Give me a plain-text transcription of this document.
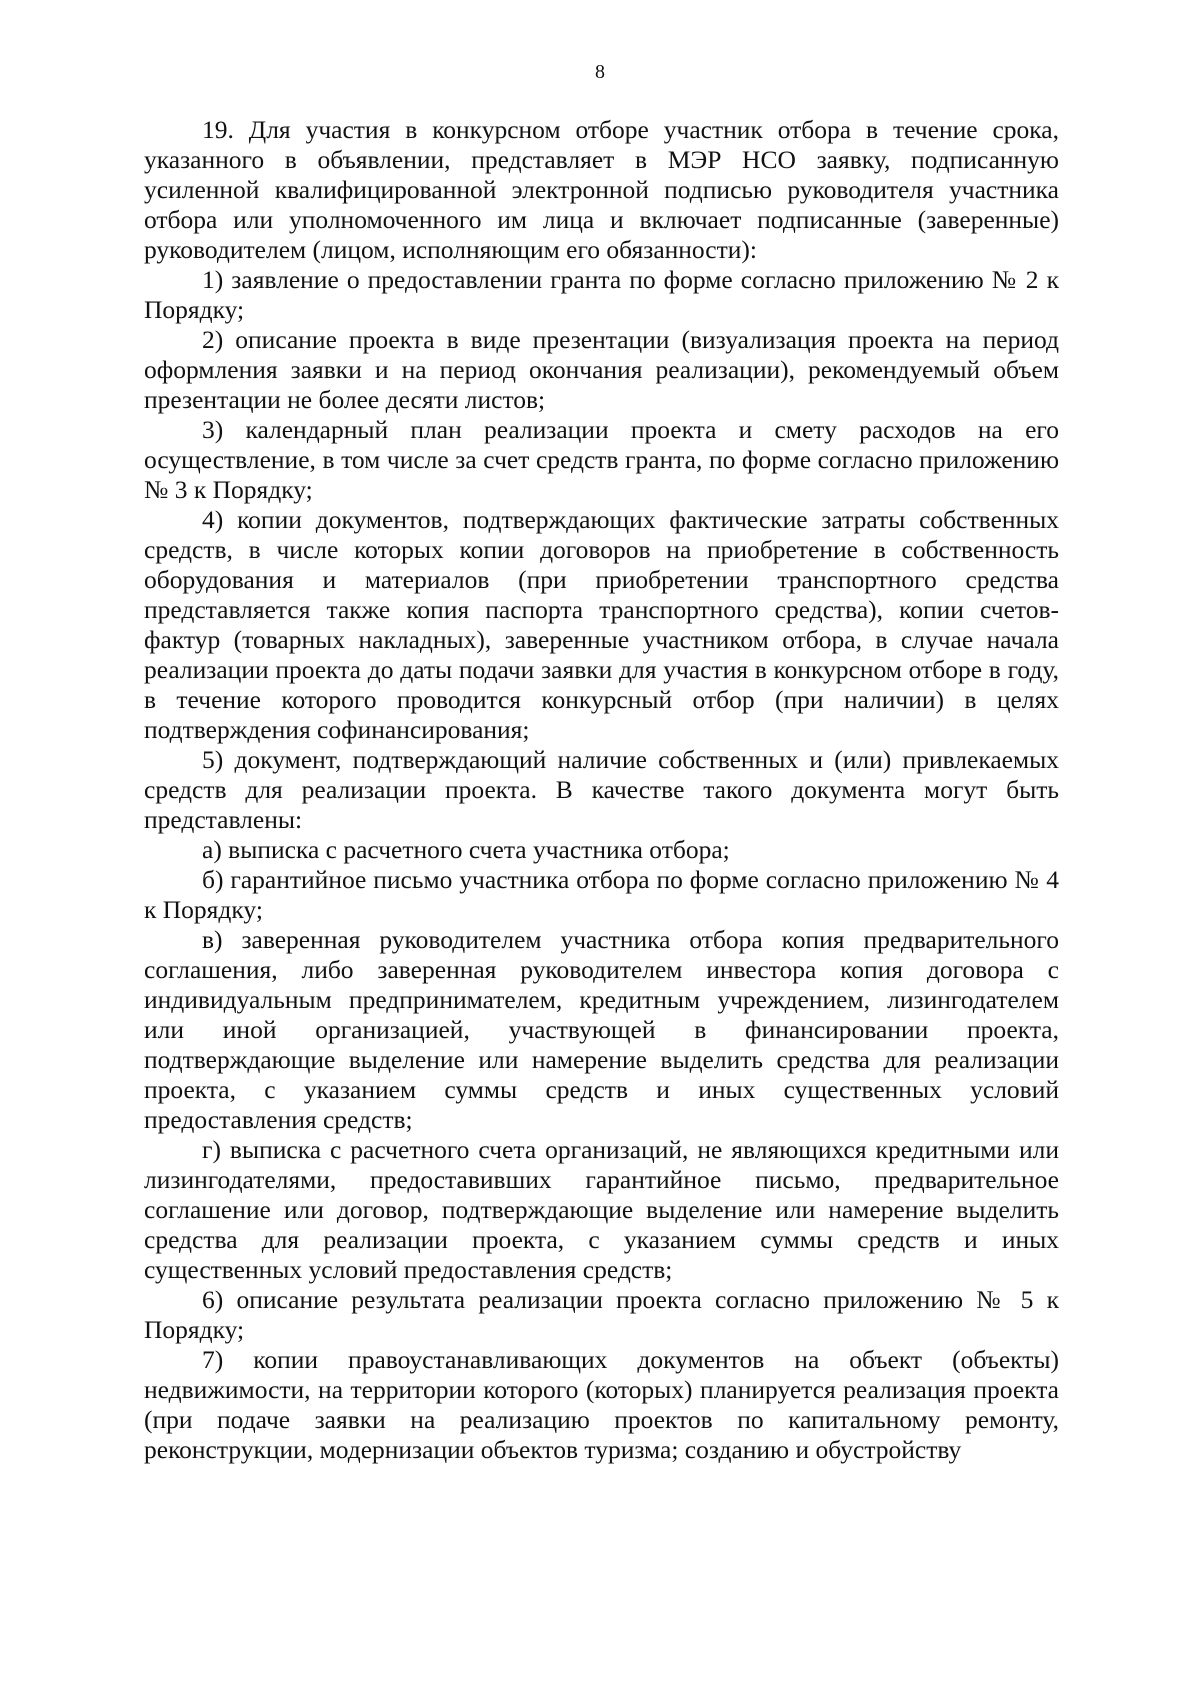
8

19. Для участия в конкурсном отборе участник отбора в течение срока, указанного в объявлении, представляет в МЭР НСО заявку, подписанную усиленной квалифицированной электронной подписью руководителя участника отбора или уполномоченного им лица и включает подписанные (заверенные) руководителем (лицом, исполняющим его обязанности):

1) заявление о предоставлении гранта по форме согласно приложению № 2 к Порядку;

2) описание проекта в виде презентации (визуализация проекта на период оформления заявки и на период окончания реализации), рекомендуемый объем презентации не более десяти листов;

3) календарный план реализации проекта и смету расходов на его осуществление, в том числе за счет средств гранта, по форме согласно приложению № 3 к Порядку;

4) копии документов, подтверждающих фактические затраты собственных средств, в числе которых копии договоров на приобретение в собственность оборудования и материалов (при приобретении транспортного средства представляется также копия паспорта транспортного средства), копии счетов-фактур (товарных накладных), заверенные участником отбора, в случае начала реализации проекта до даты подачи заявки для участия в конкурсном отборе в году, в течение которого проводится конкурсный отбор (при наличии) в целях подтверждения софинансирования;

5) документ, подтверждающий наличие собственных и (или) привлекаемых средств для реализации проекта. В качестве такого документа могут быть представлены:

а) выписка с расчетного счета участника отбора;

б) гарантийное письмо участника отбора по форме согласно приложению № 4 к Порядку;

в) заверенная руководителем участника отбора копия предварительного соглашения, либо заверенная руководителем инвестора копия договора с индивидуальным предпринимателем, кредитным учреждением, лизингодателем или иной организацией, участвующей в финансировании проекта, подтверждающие выделение или намерение выделить средства для реализации проекта, с указанием суммы средств и иных существенных условий предоставления средств;

г) выписка с расчетного счета организаций, не являющихся кредитными или лизингодателями, предоставивших гарантийное письмо, предварительное соглашение или договор, подтверждающие выделение или намерение выделить средства для реализации проекта, с указанием суммы средств и иных существенных условий предоставления средств;

6) описание результата реализации проекта согласно приложению № 5 к Порядку;

7) копии правоустанавливающих документов на объект (объекты) недвижимости, на территории которого (которых) планируется реализация проекта (при подаче заявки на реализацию проектов по капитальному ремонту, реконструкции, модернизации объектов туризма; созданию и обустройству
